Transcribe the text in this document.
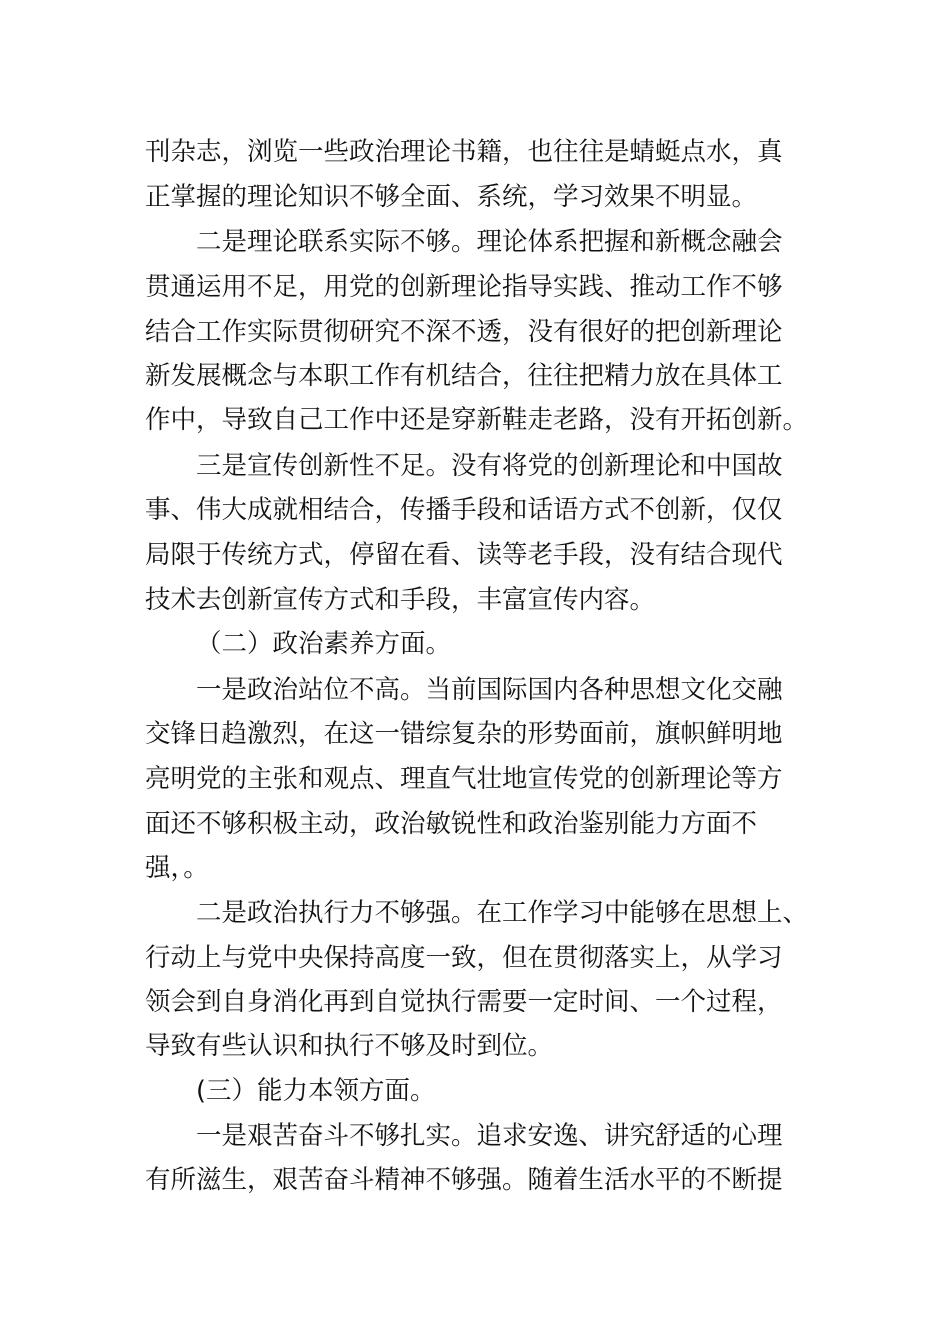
刊杂志，浏览一些政治理论书籍，也往往是蜻蜓点水，真
正掌握的理论知识不够全面、系统，学习效果不明显。
二是理论联系实际不够。理论体系把握和新概念融会
贯通运用不足，用党的创新理论指导实践、推动工作不够
结合工作实际贯彻研究不深不透，没有很好的把创新理论
新发展概念与本职工作有机结合，往往把精力放在具体工
作中，导致自己工作中还是穿新鞋走老路，没有开拓创新。
三是宣传创新性不足。没有将党的创新理论和中国故
事、伟大成就相结合，传播手段和话语方式不创新，仅仅
局限于传统方式，停留在看、读等老手段，没有结合现代
技术去创新宣传方式和手段，丰富宣传内容。
（二）政治素养方面。
一是政治站位不高。当前国际国内各种思想文化交融
交锋日趋激烈，在这一错综复杂的形势面前，旗帜鲜明地
亮明党的主张和观点、理直气壮地宣传党的创新理论等方
面还不够积极主动，政治敏锐性和政治鉴别能力方面不
强，。
二是政治执行力不够强。在工作学习中能够在思想上、
行动上与党中央保持高度一致，但在贯彻落实上，从学习
领会到自身消化再到自觉执行需要一定时间、一个过程，
导致有些认识和执行不够及时到位。
(三）能力本领方面。
一是艰苦奋斗不够扎实。追求安逸、讲究舒适的心理
有所滋生，艰苦奋斗精神不够强。随着生活水平的不断提
